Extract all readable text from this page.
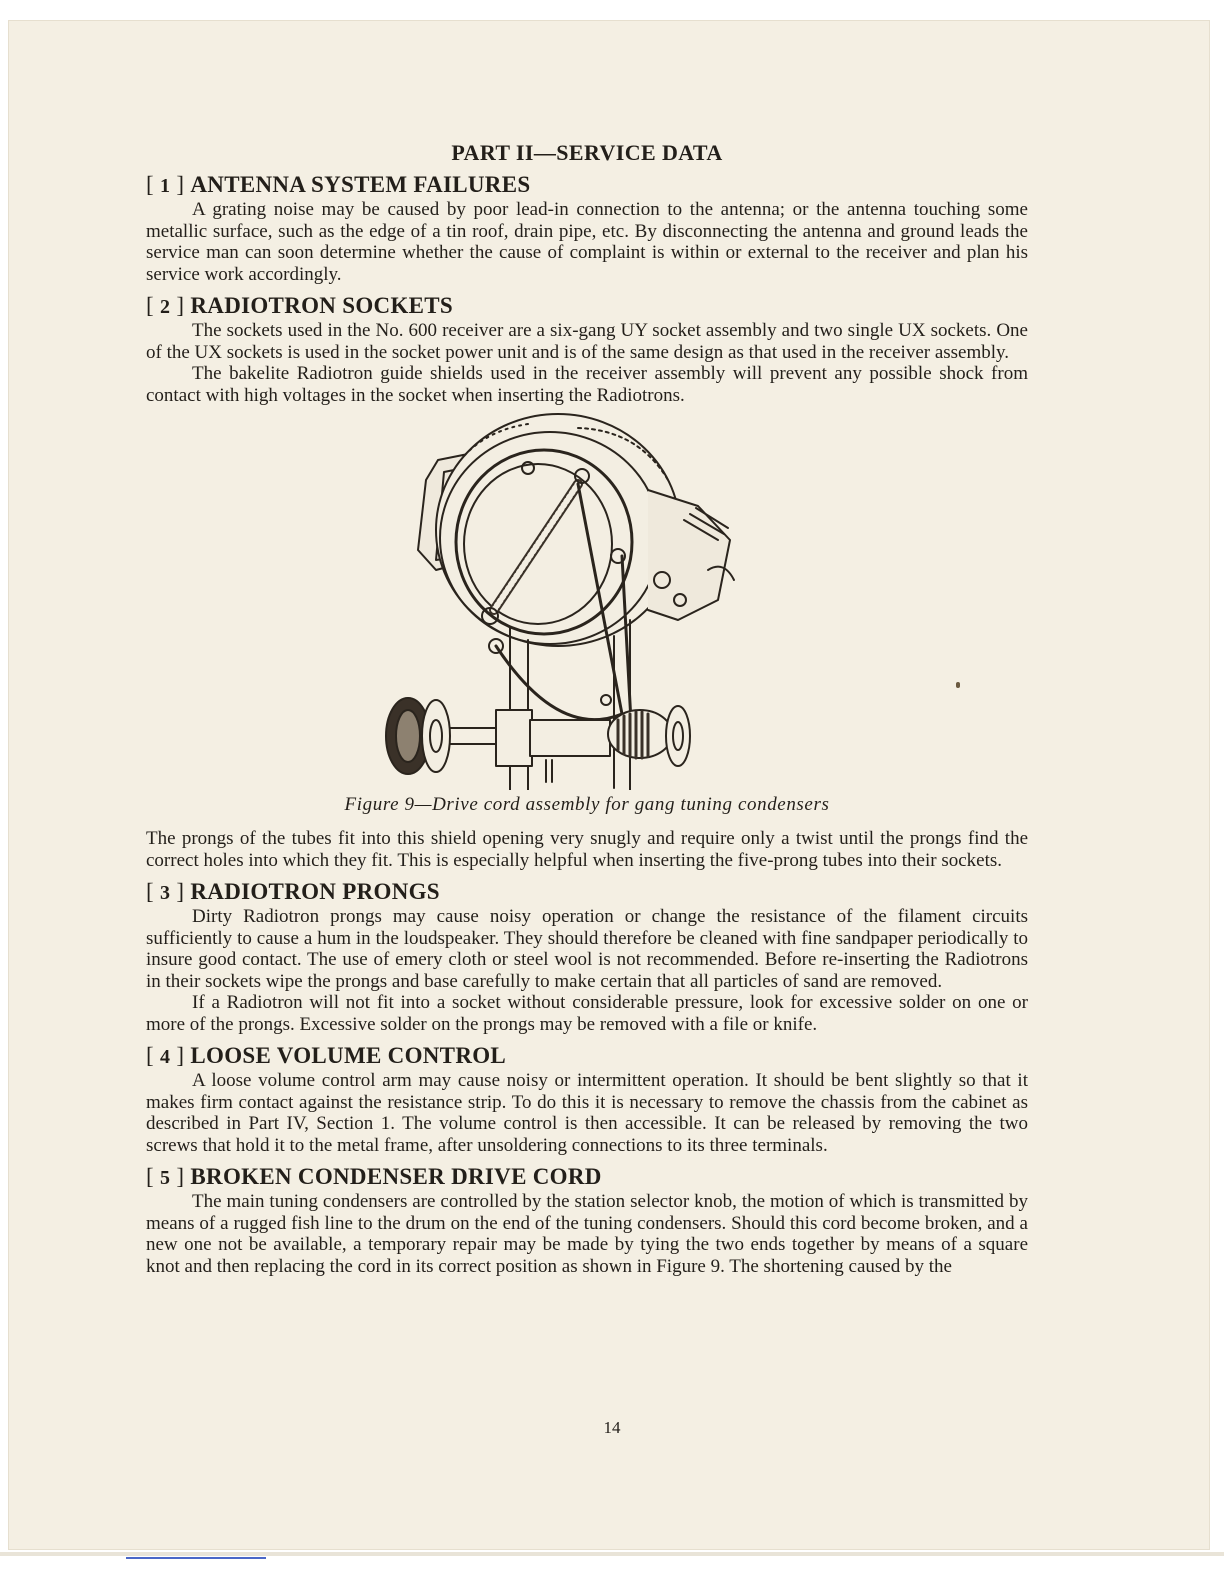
PART II—SERVICE DATA
[ 1 ] ANTENNA SYSTEM FAILURES

A grating noise may be caused by poor lead-in connection to the antenna; or the antenna touching some metallic surface, such as the edge of a tin roof, drain pipe, etc. By disconnecting the antenna and ground leads the service man can soon determine whether the cause of complaint is within or external to the receiver and plan his service work accordingly.

[ 2 ] RADIOTRON SOCKETS

The sockets used in the No. 600 receiver are a six-gang UY socket assembly and two single UX sockets. One of the UX sockets is used in the socket power unit and is of the same design as that used in the receiver assembly.

The bakelite Radiotron guide shields used in the receiver assembly will prevent any possible shock from contact with high voltages in the socket when inserting the Radiotrons.

Figure 9—Drive cord assembly for gang tuning condensers

The prongs of the tubes fit into this shield opening very snugly and require only a twist until the prongs find the correct holes into which they fit. This is especially helpful when inserting the five-prong tubes into their sockets.

[ 3 ] RADIOTRON PRONGS

Dirty Radiotron prongs may cause noisy operation or change the resistance of the filament circuits sufficiently to cause a hum in the loudspeaker. They should therefore be cleaned with fine sandpaper periodically to insure good contact. The use of emery cloth or steel wool is not recommended. Before re-inserting the Radiotrons in their sockets wipe the prongs and base carefully to make certain that all particles of sand are removed.

If a Radiotron will not fit into a socket without considerable pressure, look for excessive solder on one or more of the prongs. Excessive solder on the prongs may be removed with a file or knife.

[ 4 ] LOOSE VOLUME CONTROL

A loose volume control arm may cause noisy or intermittent operation. It should be bent slightly so that it makes firm contact against the resistance strip. To do this it is necessary to remove the chassis from the cabinet as described in Part IV, Section 1. The volume control is then accessible. It can be released by removing the two screws that hold it to the metal frame, after unsoldering connections to its three terminals.

[ 5 ] BROKEN CONDENSER DRIVE CORD

The main tuning condensers are controlled by the station selector knob, the motion of which is transmitted by means of a rugged fish line to the drum on the end of the tuning condensers. Should this cord become broken, and a new one not be available, a temporary repair may be made by tying the two ends together by means of a square knot and then replacing the cord in its correct position as shown in Figure 9. The shortening caused by the

14
